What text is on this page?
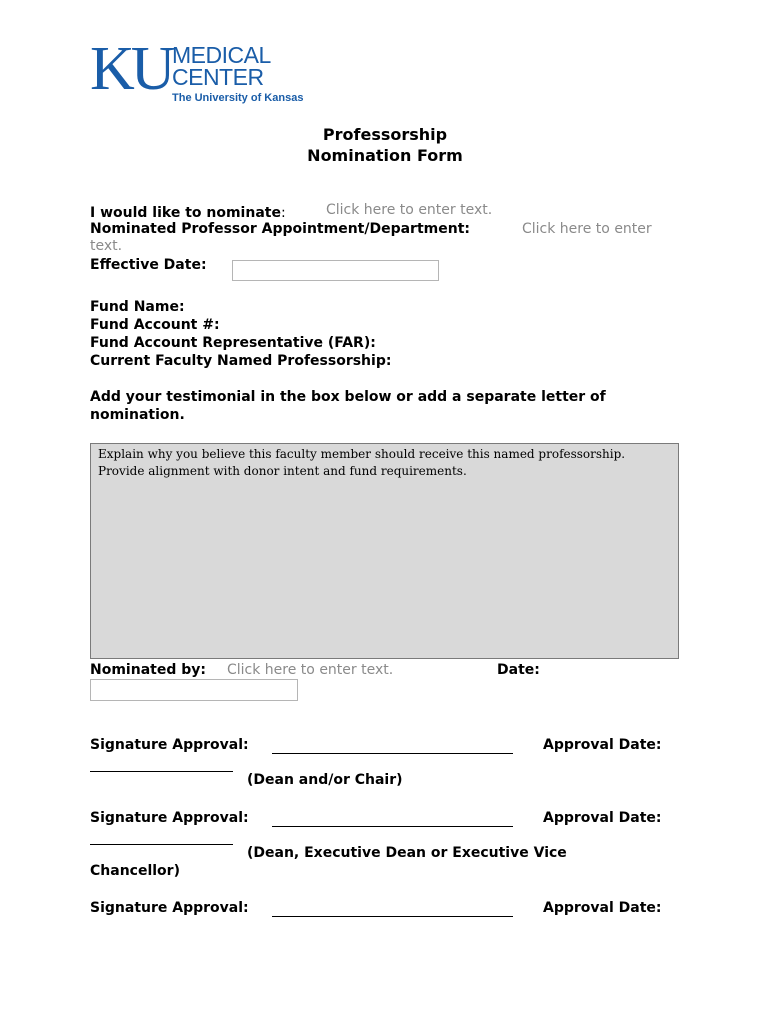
KU MEDICAL
CENTER
The University of Kansas
Professorship
Nomination Form
I would like to nominate:	Click here to enter text.
Nominated Professor Appointment/Department:	Click here to enter
text.
Effective Date:
Fund Name:
Fund Account #:
Fund Account Representative (FAR):
Current Faculty Named Professorship:
Add your testimonial in the box below or add a separate letter of
nomination.
Explain why you believe this faculty member should receive this named professorship.
Provide alignment with donor intent and fund requirements.
Nominated by: Click here to enter text.	Date:
Signature Approval:	Approval Date:
(Dean and/or Chair)
Signature Approval:	Approval Date:
(Dean, Executive Dean or Executive Vice
Chancellor)
Signature Approval:	Approval Date:
